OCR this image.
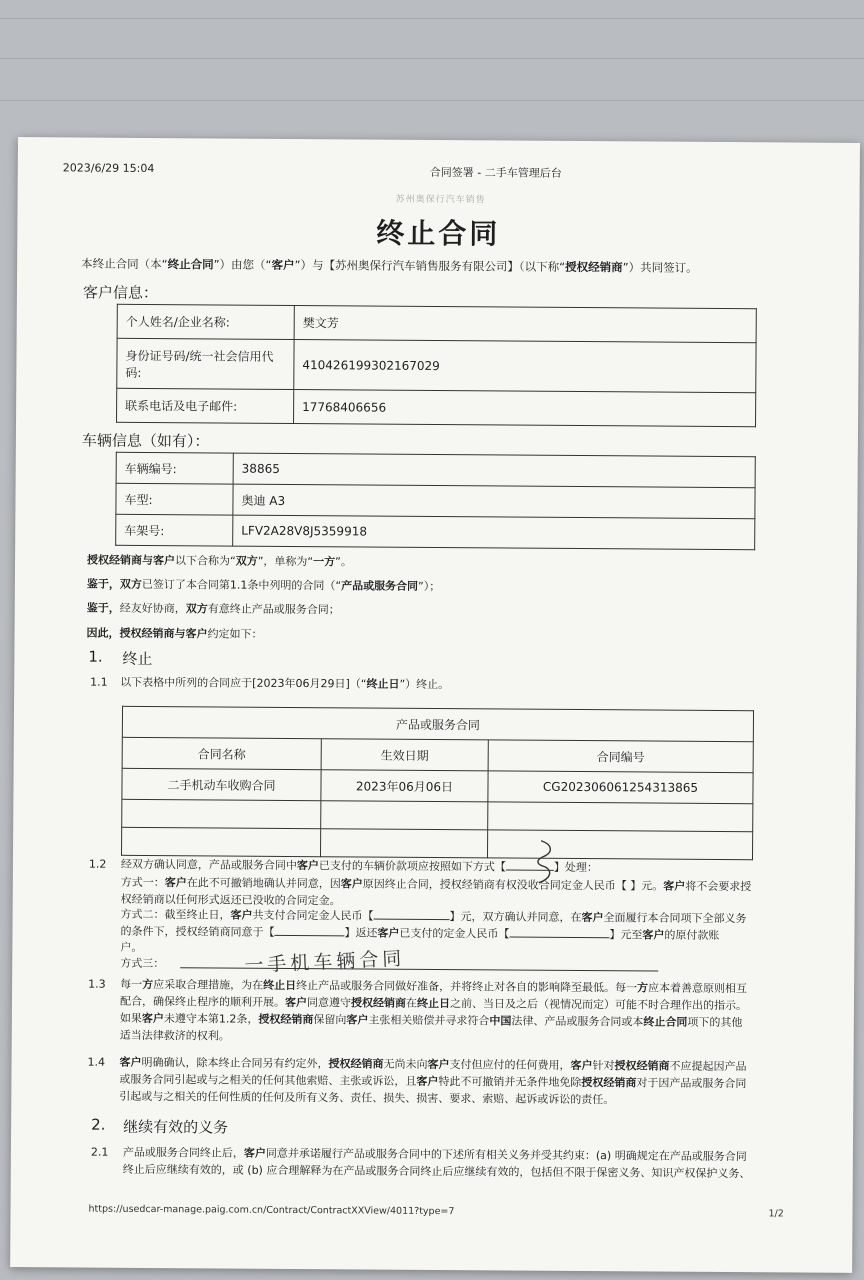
2023/6/29 15:04	合同签署 - 二手车管理后台
苏州奥保行汽车销售
终止合同
本终止合同（本“终止合同”）由您（“客户”）与【苏州奥保行汽车销售服务有限公司】（以下称“授权经销商”）共同签订。
客户信息：
个人姓名/企业名称:	樊文芳
身份证号码/统一社会信用代码:	410426199302167029
联系电话及电子邮件:	17768406656
车辆信息（如有）：
车辆编号:	38865
车型:	奥迪 A3
车架号:	LFV2A28V8J5359918
授权经销商与客户以下合称为“双方”，单称为“一方”。
鉴于，双方已签订了本合同第1.1条中列明的合同（“产品或服务合同”）；
鉴于，经友好协商，双方有意终止产品或服务合同；
因此，授权经销商与客户约定如下：
1. 终止
1.1 以下表格中所列的合同应于[2023年06月29日]（“终止日”）终止。
产品或服务合同		
合同名称	生效日期	合同编号
二手机动车收购合同	2023年06月06日	CG202306061254313865

1.2 经双方确认同意，产品或服务合同中客户已支付的车辆价款项应按照如下方式【	】处理：
方式一：客户在此不可撤销地确认并同意，因客户原因终止合同，授权经销商有权没收合同定金人民币【 】元。客户将不会要求授
权经销商以任何形式返还已没收的合同定金。
方式二：截至终止日，客户共支付合同定金人民币【	】元，双方确认并同意，在客户全面履行本合同项下全部义务
的条件下，授权经销商同意于【	】返还客户已支付的定金人民币【	】元至客户的原付款账
户。
方式三：	一手机车辆合同
1.3 每一方应采取合理措施，为在终止日终止产品或服务合同做好准备，并将终止对各自的影响降至最低。每一方应本着善意原则相互
配合，确保终止程序的顺利开展。客户同意遵守授权经销商在终止日之前、当日及之后（视情况而定）可能不时合理作出的指示。
如果客户未遵守本第1.2条，授权经销商保留向客户主张相关赔偿并寻求符合中国法律、产品或服务合同或本终止合同项下的其他
适当法律救济的权利。
1.4 客户明确确认，除本终止合同另有约定外，授权经销商无尚未向客户支付但应付的任何费用，客户针对授权经销商不应提起因产品
或服务合同引起或与之相关的任何其他索赔、主张或诉讼，且客户特此不可撤销并无条件地免除授权经销商对于因产品或服务合同
引起或与之相关的任何性质的任何及所有义务、责任、损失、损害、要求、索赔、起诉或诉讼的责任。
2. 继续有效的义务
2.1 产品或服务合同终止后，客户同意并承诺履行产品或服务合同中的下述所有相关义务并受其约束：(a) 明确规定在产品或服务合同
终止后应继续有效的，或 (b) 应合理解释为在产品或服务合同终止后应继续有效的，包括但不限于保密义务、知识产权保护义务、
https://usedcar-manage.paig.com.cn/Contract/ContractXXView/4011?type=7	1/2
